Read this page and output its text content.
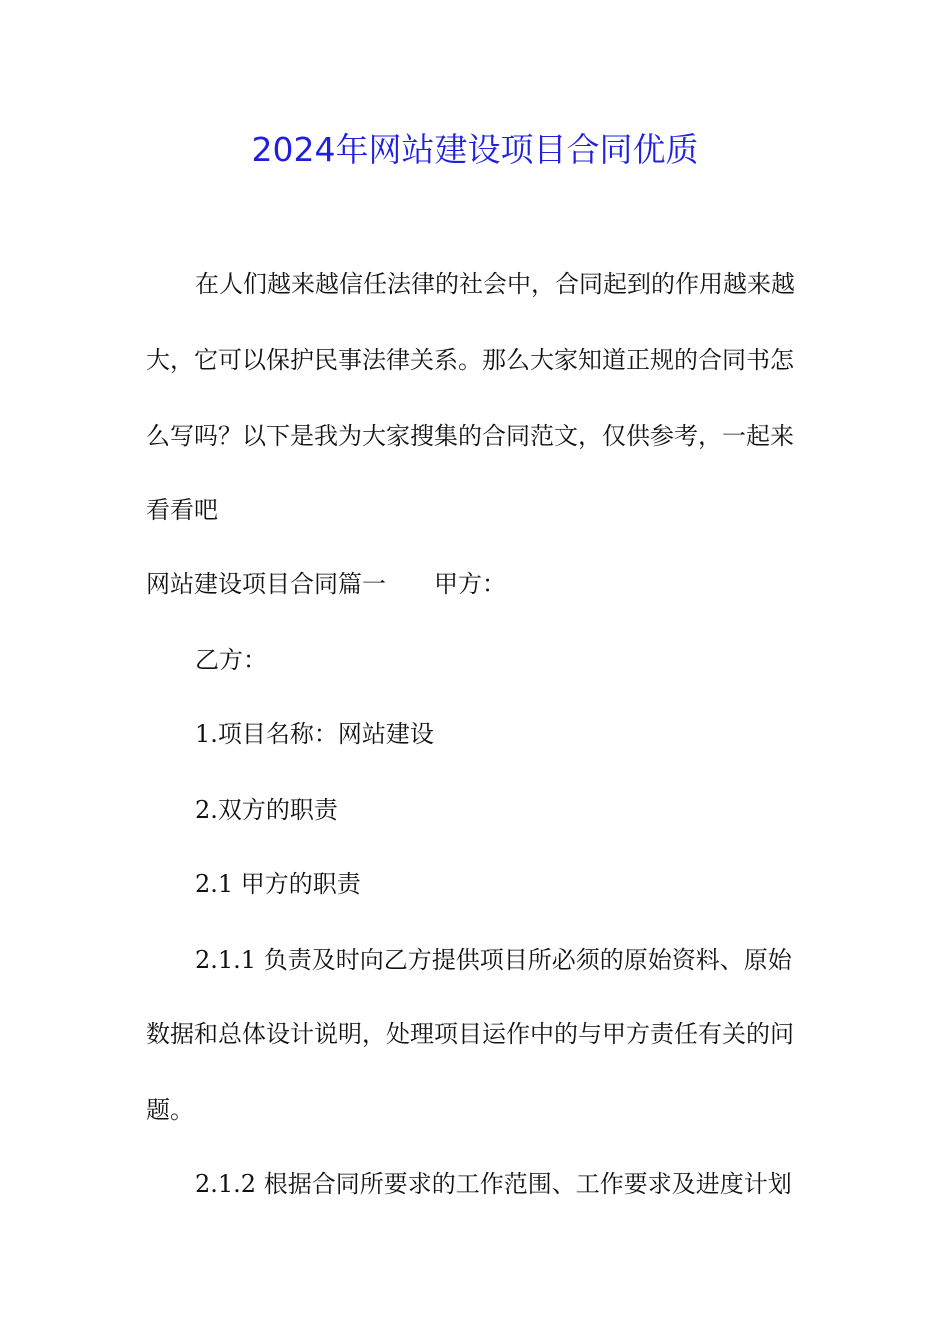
2024年网站建设项目合同优质
在人们越来越信任法律的社会中，合同起到的作用越来越
大，它可以保护民事法律关系。那么大家知道正规的合同书怎
么写吗？以下是我为大家搜集的合同范文，仅供参考，一起来
看看吧
网站建设项目合同篇一 甲方：
乙方：
1.项目名称：网站建设
2.双方的职责
2.1 甲方的职责
2.1.1 负责及时向乙方提供项目所必须的原始资料、原始
数据和总体设计说明，处理项目运作中的与甲方责任有关的问
题。
2.1.2 根据合同所要求的工作范围、工作要求及进度计划
